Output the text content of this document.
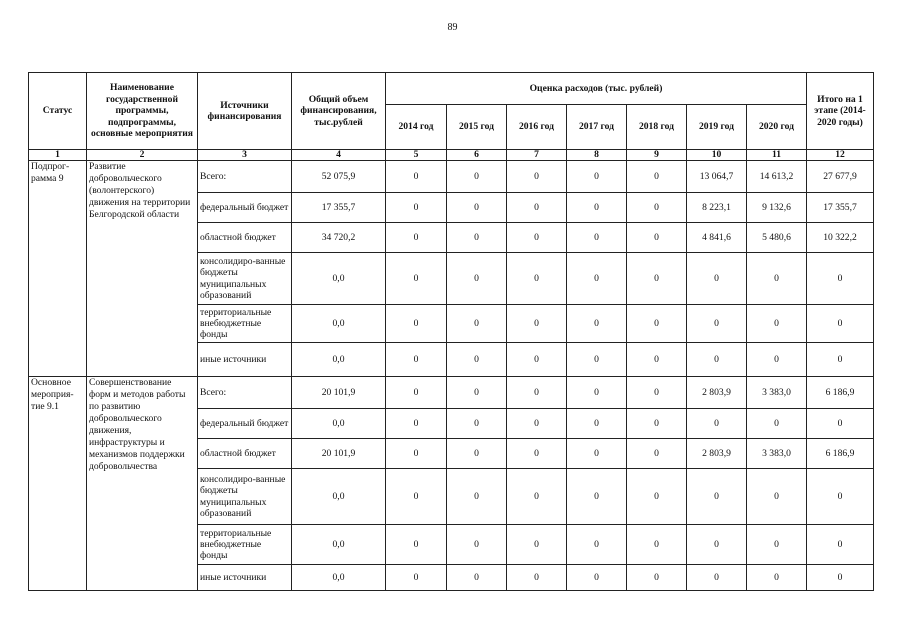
89
Статус	Наименование государственной программы, подпрограммы, основные мероприятия	Источники финансирования	Общий объем финансирования, тыс.рублей	Оценка расходов (тыс. рублей)							Итого на 1 этапе (2014-2020 годы)
				2014 год	2015 год	2016 год	2017 год	2018 год	2019 год	2020 год	
1	2	3	4	5	6	7	8	9	10	11	12
Подпрог-рамма 9	Развитие добровольческого (волонтерского) движения на территории Белгородской области	Всего:	52 075,9	0	0	0	0	0	13 064,7	14 613,2	27 677,9
		федеральный бюджет	17 355,7	0	0	0	0	0	8 223,1	9 132,6	17 355,7
		областной бюджет	34 720,2	0	0	0	0	0	4 841,6	5 480,6	10 322,2
		консолидиро-ванные бюджеты муниципальных образований	0,0	0	0	0	0	0	0	0	0
		территориальные внебюджетные фонды	0,0	0	0	0	0	0	0	0	0
		иные источники	0,0	0	0	0	0	0	0	0	0
Основное мероприя-тие 9.1	Совершенствование форм и методов работы по развитию добровольческого движения, инфраструктуры и механизмов поддержки добровольчества	Всего:	20 101,9	0	0	0	0	0	2 803,9	3 383,0	6 186,9
		федеральный бюджет	0,0	0	0	0	0	0	0	0	0
		областной бюджет	20 101,9	0	0	0	0	0	2 803,9	3 383,0	6 186,9
		консолидиро-ванные бюджеты муниципальных образований	0,0	0	0	0	0	0	0	0	0
		территориальные внебюджетные фонды	0,0	0	0	0	0	0	0	0	0
		иные источники	0,0	0	0	0	0	0	0	0	0
